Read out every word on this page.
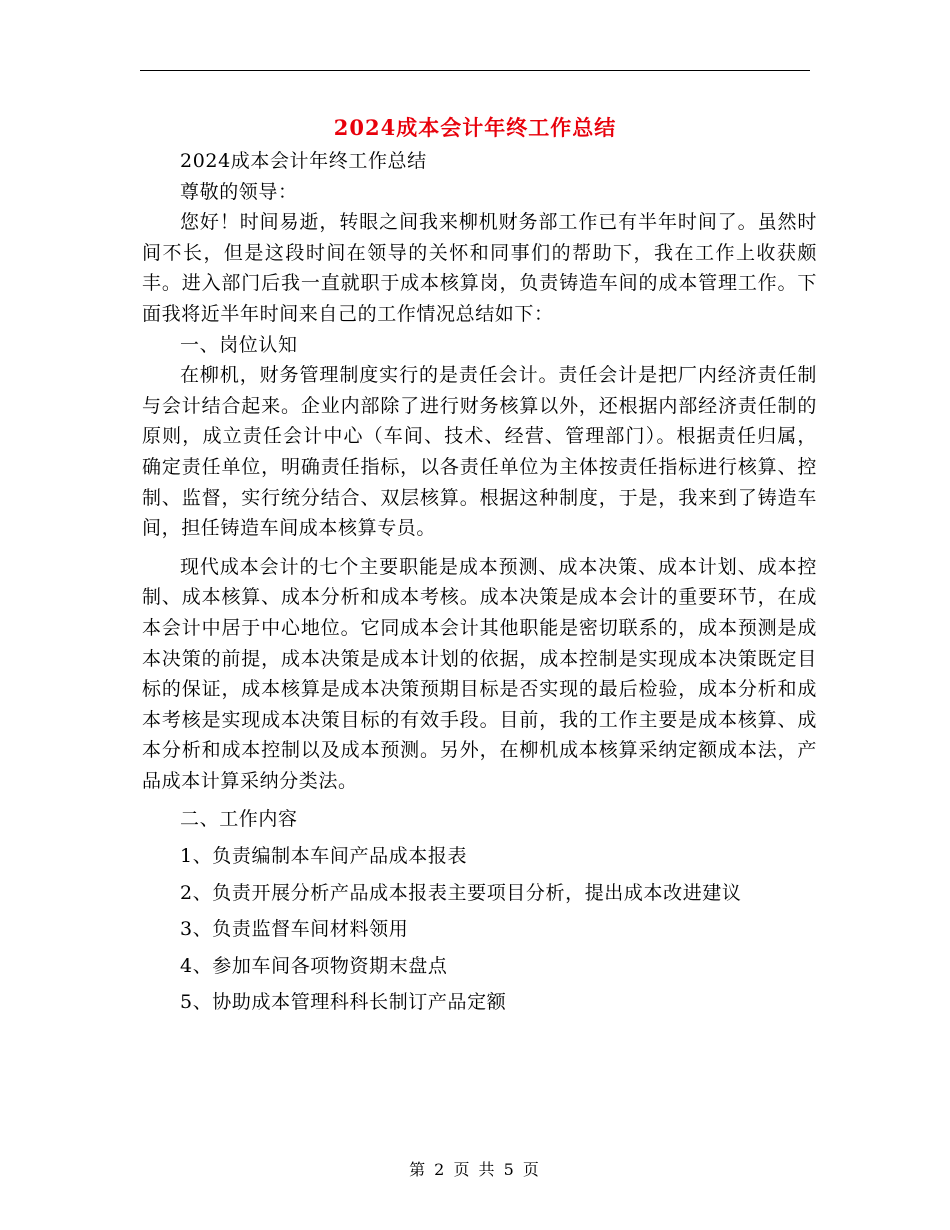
2024成本会计年终工作总结

2024成本会计年终工作总结

尊敬的领导：

您好！时间易逝，转眼之间我来柳机财务部工作已有半年时间了。虽然时间不长，但是这段时间在领导的关怀和同事们的帮助下，我在工作上收获颇丰。进入部门后我一直就职于成本核算岗，负责铸造车间的成本管理工作。下面我将近半年时间来自己的工作情况总结如下：

一、岗位认知

在柳机，财务管理制度实行的是责任会计。责任会计是把厂内经济责任制与会计结合起来。企业内部除了进行财务核算以外，还根据内部经济责任制的原则，成立责任会计中心（车间、技术、经营、管理部门）。根据责任归属，确定责任单位，明确责任指标，以各责任单位为主体按责任指标进行核算、控制、监督，实行统分结合、双层核算。根据这种制度，于是，我来到了铸造车间，担任铸造车间成本核算专员。

现代成本会计的七个主要职能是成本预测、成本决策、成本计划、成本控制、成本核算、成本分析和成本考核。成本决策是成本会计的重要环节，在成本会计中居于中心地位。它同成本会计其他职能是密切联系的，成本预测是成本决策的前提，成本决策是成本计划的依据，成本控制是实现成本决策既定目标的保证，成本核算是成本决策预期目标是否实现的最后检验，成本分析和成本考核是实现成本决策目标的有效手段。目前，我的工作主要是成本核算、成本分析和成本控制以及成本预测。另外，在柳机成本核算采纳定额成本法，产品成本计算采纳分类法。

二、工作内容

1、负责编制本车间产品成本报表

2、负责开展分析产品成本报表主要项目分析，提出成本改进建议

3、负责监督车间材料领用

4、参加车间各项物资期末盘点

5、协助成本管理科科长制订产品定额

第 2 页 共 5 页
